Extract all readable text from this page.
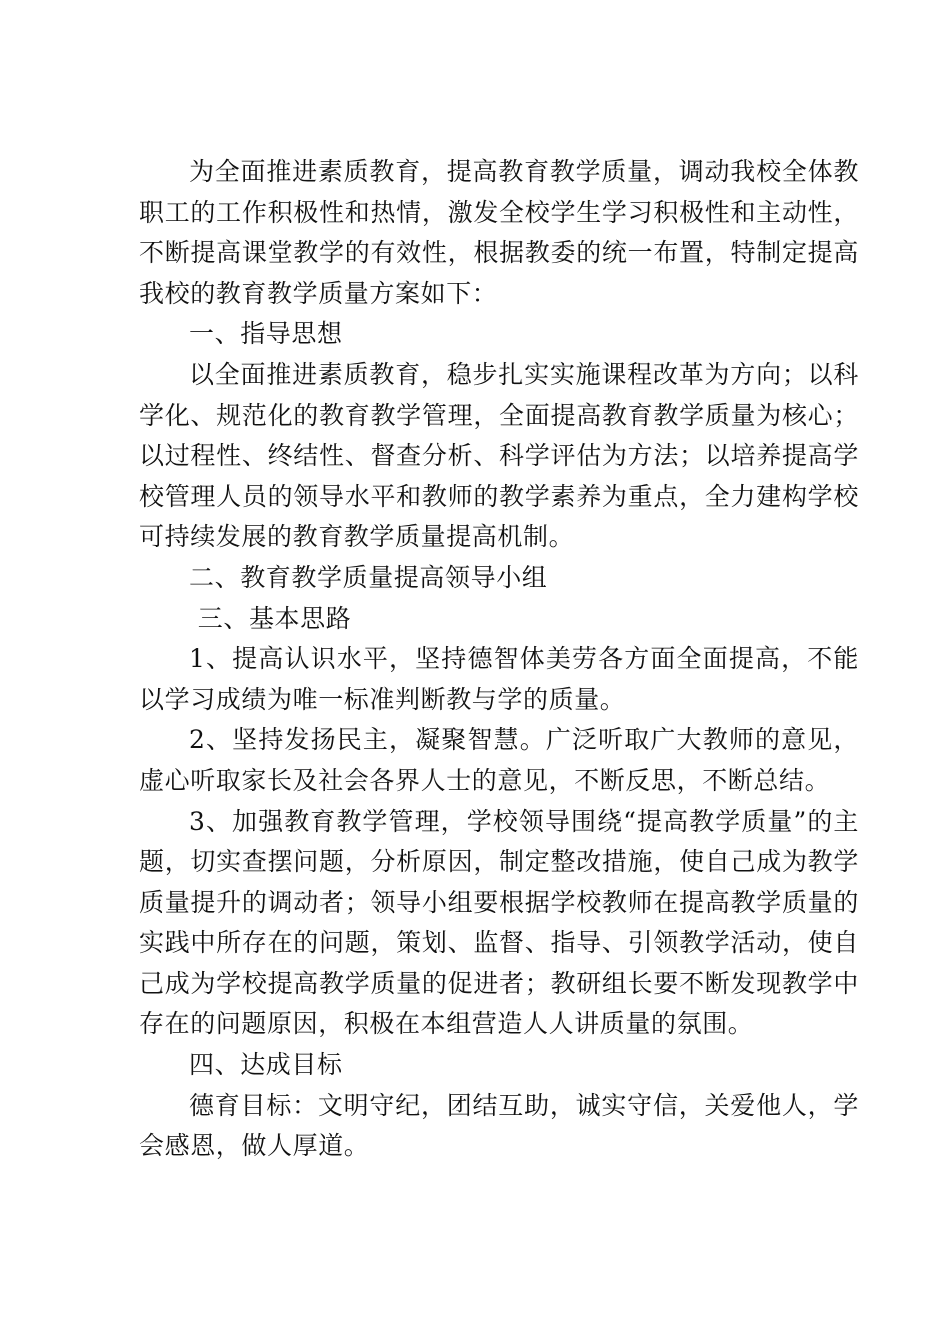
为全面推进素质教育，提高教育教学质量，调动我校全体教职工的工作积极性和热情，激发全校学生学习积极性和主动性，不断提高课堂教学的有效性，根据教委的统一布置，特制定提高我校的教育教学质量方案如下：

一、指导思想

以全面推进素质教育，稳步扎实实施课程改革为方向；以科学化、规范化的教育教学管理，全面提高教育教学质量为核心；以过程性、终结性、督查分析、科学评估为方法；以培养提高学校管理人员的领导水平和教师的教学素养为重点，全力建构学校可持续发展的教育教学质量提高机制。

二、教育教学质量提高领导小组

三、基本思路

1、提高认识水平，坚持德智体美劳各方面全面提高，不能以学习成绩为唯一标准判断教与学的质量。

2、坚持发扬民主，凝聚智慧。广泛听取广大教师的意见，虚心听取家长及社会各界人士的意见，不断反思，不断总结。

3、加强教育教学管理，学校领导围绕“提高教学质量”的主题，切实查摆问题，分析原因，制定整改措施，使自己成为教学质量提升的调动者；领导小组要根据学校教师在提高教学质量的实践中所存在的问题，策划、监督、指导、引领教学活动，使自己成为学校提高教学质量的促进者；教研组长要不断发现教学中存在的问题原因，积极在本组营造人人讲质量的氛围。

四、达成目标

德育目标：文明守纪，团结互助，诚实守信，关爱他人，学会感恩，做人厚道。
